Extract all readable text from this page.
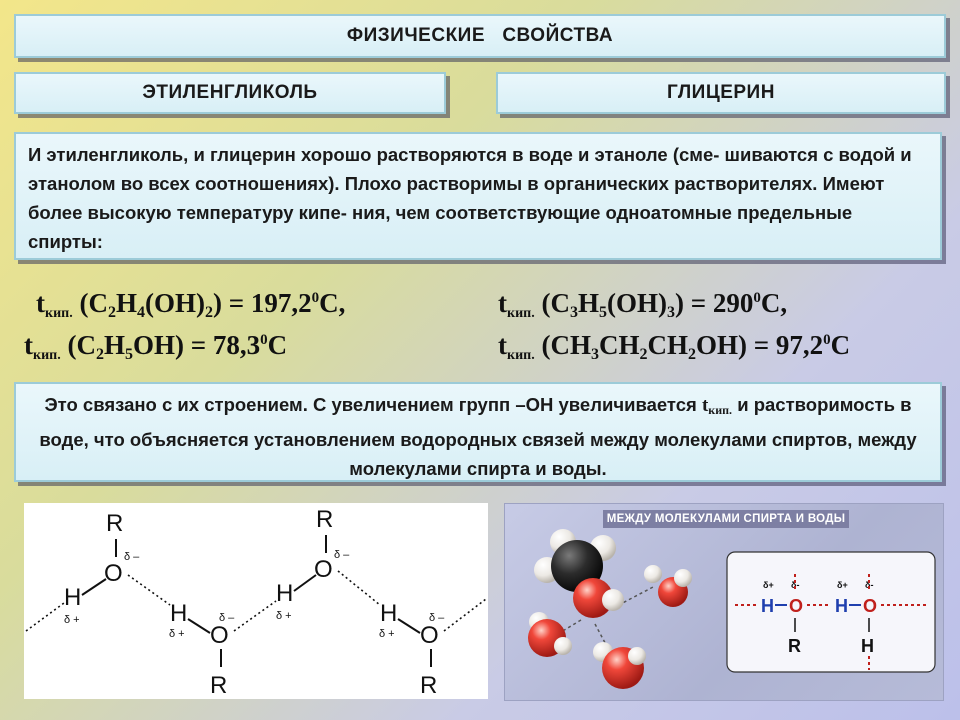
ФИЗИЧЕСКИЕ   СВОЙСТВА
ЭТИЛЕНГЛИКОЛЬ	ГЛИЦЕРИН
И этиленгликоль, и глицерин хорошо растворяются в воде и этаноле (сме- шиваются с водой и этанолом во всех соотношениях). Плохо растворимы в органических растворителях. Имеют более высокую температуру кипе- ния, чем соответствующие одноатомные предельные спирты:
tкип. $(C_2H_4(OH)_2) = 197,2^0C$,
tкип. $(C_2H_5OH) = 78,3^0C$
tкип. $(C_3H_5(OH)_3) = 290^0C$,
tкип. $(CH_3CH_2CH_2OH) = 97,2^0C$
Это связано с их строением. С увеличением групп –OH увеличивается tкип. и растворимость в воде, что объясняется установлением водородных связей между молекулами спиртов, между молекулами спирта и воды.
R
O
δ –
H
δ +	H
δ + O
δ –
R
R
O
δ –
H
δ +	H
δ + O
δ –
R
МЕЖДУ МОЛЕКУЛАМИ СПИРТА И ВОДЫ
H
δ+
O
δ-
R
H
δ+
O
δ-
H
